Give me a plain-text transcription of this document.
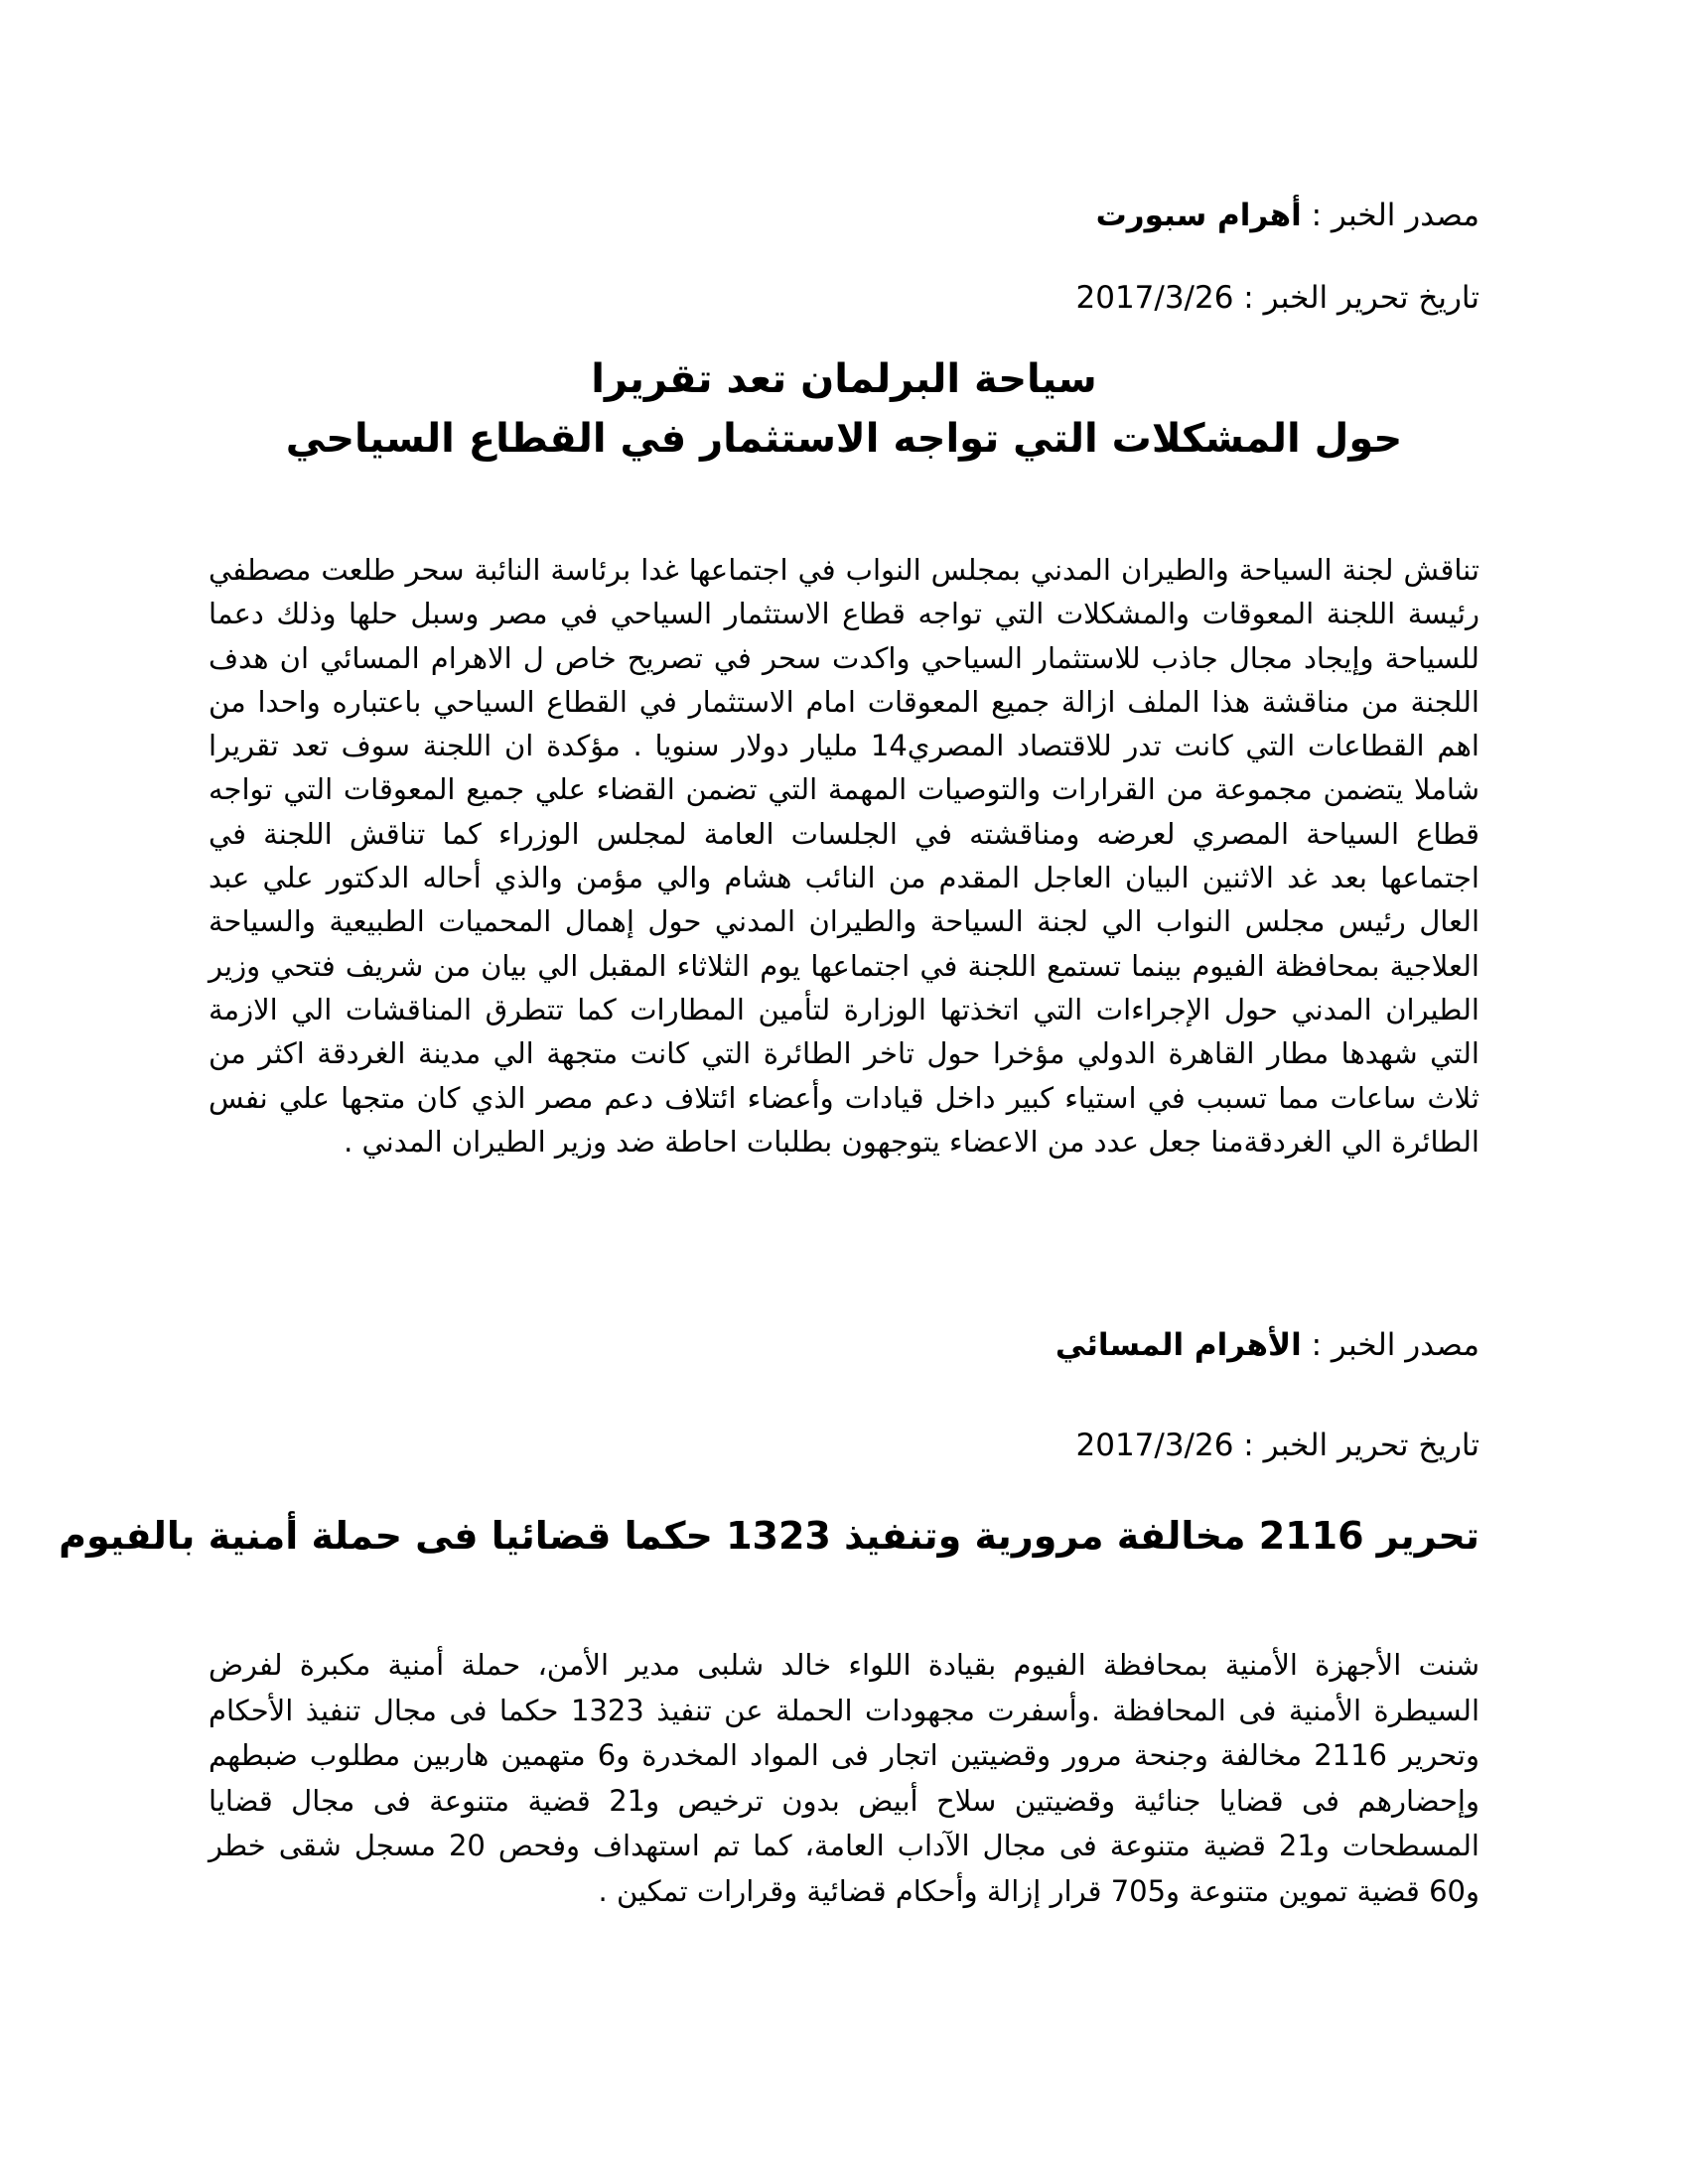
مصدر الخبر : أهرام سبورت
تاريخ تحرير الخبر : 2017/3/26
سياحة البرلمان تعد تقريرا
حول المشكلات التي تواجه الاستثمار في القطاع السياحي
تناقش لجنة السياحة والطيران المدني بمجلس النواب في اجتماعها غدا برئاسة النائبة سحر طلعت مصطفي رئيسة اللجنة المعوقات والمشكلات التي تواجه قطاع الاستثمار السياحي في مصر وسبل حلها وذلك دعما للسياحة وإيجاد مجال جاذب للاستثمار السياحي واكدت سحر في تصريح خاص ل الاهرام المسائي ان هدف اللجنة من مناقشة هذا الملف ازالة جميع المعوقات امام الاستثمار في القطاع السياحي باعتباره واحدا من اهم القطاعات التي كانت تدر للاقتصاد المصري14 مليار دولار سنويا . مؤكدة ان اللجنة سوف تعد تقريرا شاملا يتضمن مجموعة من القرارات والتوصيات المهمة التي تضمن القضاء علي جميع المعوقات التي تواجه قطاع السياحة المصري لعرضه ومناقشته في الجلسات العامة لمجلس الوزراء كما تناقش اللجنة في اجتماعها بعد غد الاثنين البيان العاجل المقدم من النائب هشام والي مؤمن والذي أحاله الدكتور علي عبد العال رئيس مجلس النواب الي لجنة السياحة والطيران المدني حول إهمال المحميات الطبيعية والسياحة العلاجية بمحافظة الفيوم بينما تستمع اللجنة في اجتماعها يوم الثلاثاء المقبل الي بيان من شريف فتحي وزير الطيران المدني حول الإجراءات التي اتخذتها الوزارة لتأمين المطارات كما تتطرق المناقشات الي الازمة التي شهدها مطار القاهرة الدولي مؤخرا حول تاخر الطائرة التي كانت متجهة الي مدينة الغردقة اكثر من ثلاث ساعات مما تسبب في استياء كبير داخل قيادات وأعضاء ائتلاف دعم مصر الذي كان متجها علي نفس الطائرة الي الغردقةمنا جعل عدد من الاعضاء يتوجهون بطلبات احاطة ضد وزير الطيران المدني .
مصدر الخبر : الأهرام المسائي
تاريخ تحرير الخبر : 2017/3/26
تحرير 2116 مخالفة مرورية وتنفيذ 1323 حكما قضائيا فى حملة أمنية بالفيوم
شنت الأجهزة الأمنية بمحافظة الفيوم بقيادة اللواء خالد شلبى مدير الأمن، حملة أمنية مكبرة لفرض السيطرة الأمنية فى المحافظة .وأسفرت مجهودات الحملة عن تنفيذ 1323 حكما فى مجال تنفيذ الأحكام وتحرير 2116 مخالفة وجنحة مرور وقضيتين اتجار فى المواد المخدرة و6 متهمين هاربين مطلوب ضبطهم وإحضارهم فى قضايا جنائية وقضيتين سلاح أبيض بدون ترخيص و21 قضية متنوعة فى مجال قضايا المسطحات و21 قضية متنوعة فى مجال الآداب العامة، كما تم استهداف وفحص 20 مسجل شقى خطر و60 قضية تموين متنوعة و705 قرار إزالة وأحكام قضائية وقرارات تمكين .
